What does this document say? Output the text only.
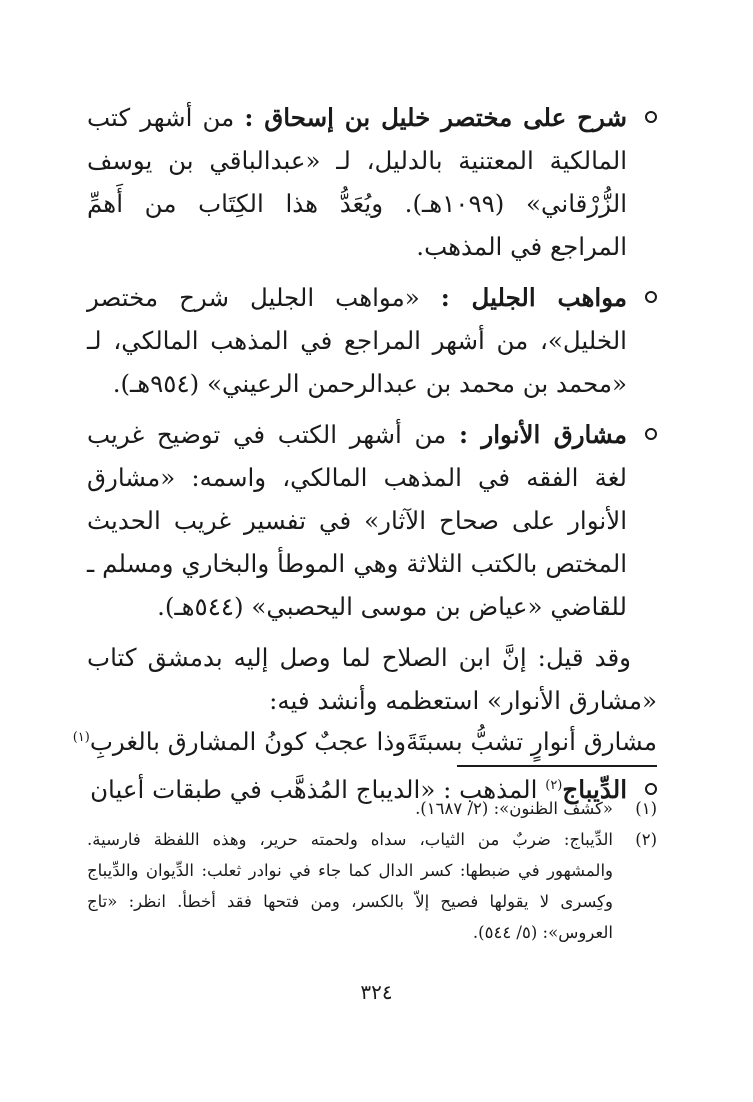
شرح على مختصر خليل بن إسحاق : من أشهر كتب المالكية المعتنية بالدليل، لـ «عبدالباقي بن يوسف الزُّرْقاني» (١٠٩٩هـ). ويُعَدُّ هذا الكِتَاب من أَهمِّ المراجع في المذهب.
مواهب الجليل : «مواهب الجليل شرح مختصر الخليل»، من أشهر المراجع في المذهب المالكي، لـ «محمد بن محمد بن عبدالرحمن الرعيني» (٩٥٤هـ).
مشارق الأنوار : من أشهر الكتب في توضيح غريب لغة الفقه في المذهب المالكي، واسمه: «مشارق الأنوار على صحاح الآثار» في تفسير غريب الحديث المختص بالكتب الثلاثة وهي الموطأ والبخاري ومسلم ـ للقاضي «عياض بن موسى اليحصبي» (٥٤٤هـ).
وقد قيل: إنَّ ابن الصلاح لما وصل إليه بدمشق كتاب «مشارق الأنوار» استعظمه وأنشد فيه:
مشارق أنوارٍ تشبُّ بسبتَةَ
وذا عجبٌ كونُ المشارق بالغربِ$^{(١)}$
الدِّيباج$^{(٢)}$ المذهب : «الديباج المُذهَّب في طبقات أعيان
(١)
«كشف الظنون»: (٢/ ١٦٨٧).
(٢)
الدِّيباج: ضربٌ من الثياب، سداه ولحمته حرير، وهذه اللفظة فارسية. والمشهور في ضبطها: كسر الدال كما جاء في نوادر ثعلب: الدِّيوان والدِّيباج وكِسرى لا يقولها فصيح إلاّ بالكسر، ومن فتحها فقد أخطأ. انظر: «تاج العروس»: (٥/ ٥٤٤).
٣٢٤
